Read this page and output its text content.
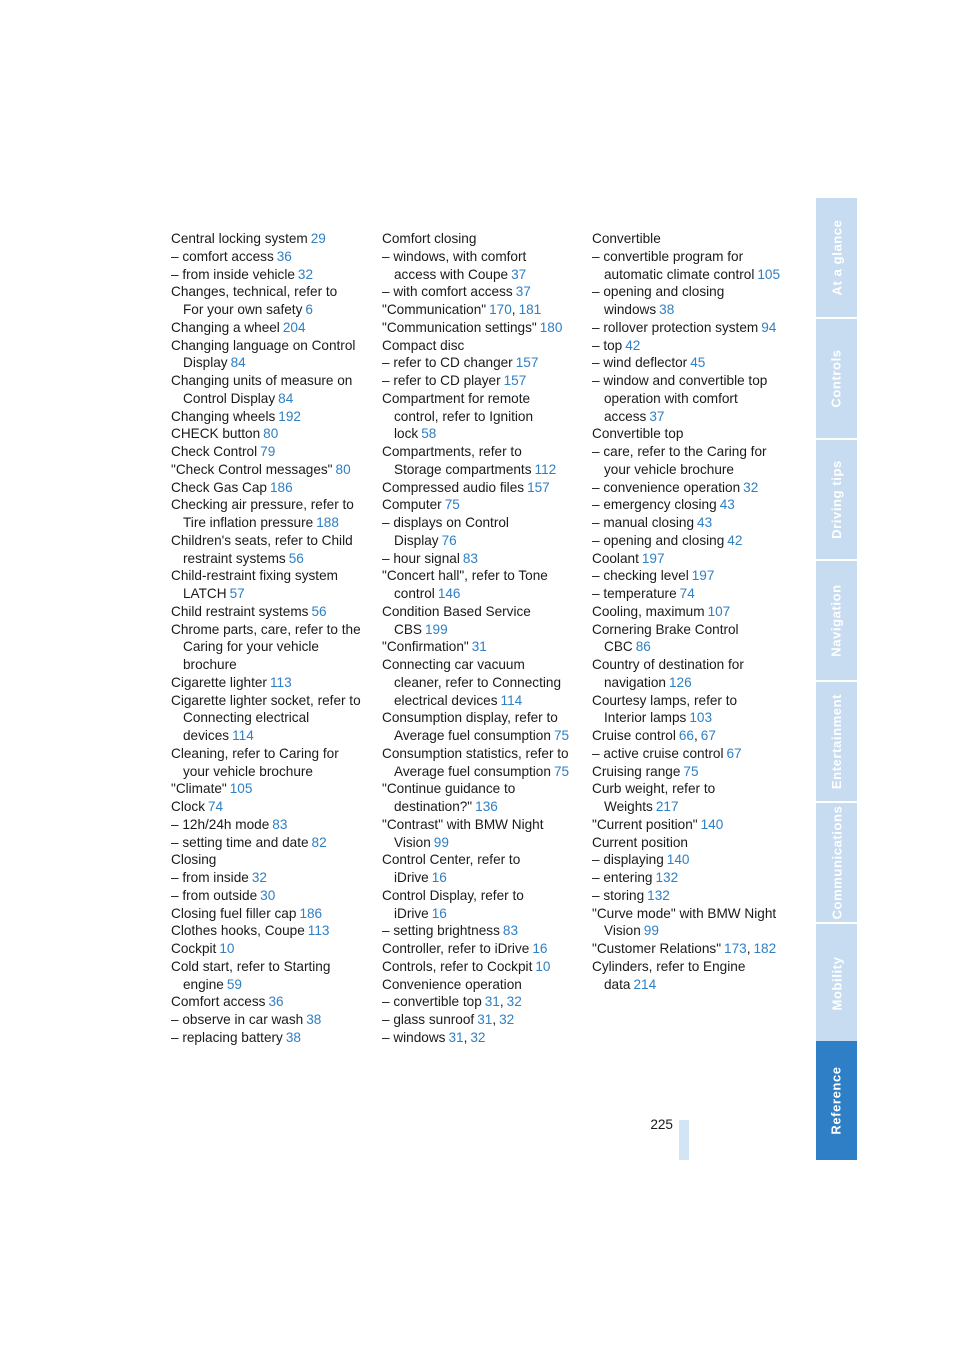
Central locking system 29

– comfort access 36

– from inside vehicle 32

Changes, technical, refer to For your own safety 6

Changing a wheel 204

Changing language on Control Display 84

Changing units of measure on Control Display 84

Changing wheels 192

CHECK button 80

Check Control 79

"Check Control messages" 80

Check Gas Cap 186

Checking air pressure, refer to Tire inflation pressure 188

Children's seats, refer to Child restraint systems 56

Child-restraint fixing system LATCH 57

Child restraint systems 56

Chrome parts, care, refer to the Caring for your vehicle brochure

Cigarette lighter 113

Cigarette lighter socket, refer to Connecting electrical devices 114

Cleaning, refer to Caring for your vehicle brochure

"Climate" 105

Clock 74

– 12h/24h mode 83

– setting time and date 82

Closing

– from inside 32

– from outside 30

Closing fuel filler cap 186

Clothes hooks, Coupe 113

Cockpit 10

Cold start, refer to Starting engine 59

Comfort access 36

– observe in car wash 38

– replacing battery 38

Comfort closing

– windows, with comfort access with Coupe 37

– with comfort access 37

"Communication" 170, 181

"Communication settings" 180

Compact disc

– refer to CD changer 157

– refer to CD player 157

Compartment for remote control, refer to Ignition lock 58

Compartments, refer to Storage compartments 112

Compressed audio files 157

Computer 75

– displays on Control Display 76

– hour signal 83

"Concert hall", refer to Tone control 146

Condition Based Service CBS 199

"Confirmation" 31

Connecting car vacuum cleaner, refer to Connecting electrical devices 114

Consumption display, refer to Average fuel consumption 75

Consumption statistics, refer to Average fuel consumption 75

"Continue guidance to destination?" 136

"Contrast" with BMW Night Vision 99

Control Center, refer to iDrive 16

Control Display, refer to iDrive 16

– setting brightness 83

Controller, refer to iDrive 16

Controls, refer to Cockpit 10

Convenience operation

– convertible top 31, 32

– glass sunroof 31, 32

– windows 31, 32

Convertible

– convertible program for automatic climate control 105

– opening and closing windows 38

– rollover protection system 94

– top 42

– wind deflector 45

– window and convertible top operation with comfort access 37

Convertible top

– care, refer to the Caring for your vehicle brochure

– convenience operation 32

– emergency closing 43

– manual closing 43

– opening and closing 42

Coolant 197

– checking level 197

– temperature 74

Cooling, maximum 107

Cornering Brake Control CBC 86

Country of destination for navigation 126

Courtesy lamps, refer to Interior lamps 103

Cruise control 66, 67

– active cruise control 67

Cruising range 75

Curb weight, refer to Weights 217

"Current position" 140

Current position

– displaying 140

– entering 132

– storing 132

"Curve mode" with BMW Night Vision 99

"Customer Relations" 173, 182

Cylinders, refer to Engine data 214

225
At a glance
Controls
Driving tips
Navigation
Entertainment
Communications
Mobility
Reference
